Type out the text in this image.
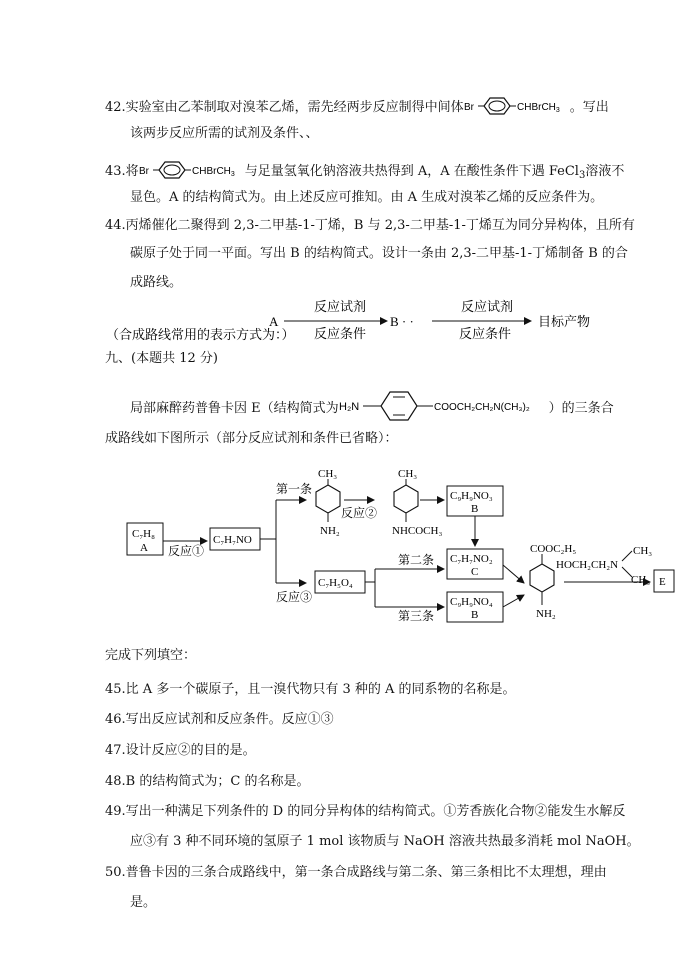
42.实验室由乙苯制取对溴苯乙烯，需先经两步反应制得中间体 Br	CHBrCH$_3$ 。写出
该两步反应所需的试剂及条件、、
43.将 Br	CHBrCH$_3$ 与足量氢氧化钠溶液共热得到 A，A 在酸性条件下遇 FeCl$_3$溶液不
显色。A 的结构简式为。由上述反应可推知。由 A 生成对溴苯乙烯的反应条件为。
44.丙烯催化二聚得到 2,3-二甲基-1-丁烯，B 与 2,3-二甲基-1-丁烯互为同分异构体，且所有
碳原子处于同一平面。写出 B 的结构简式。设计一条由 2,3-二甲基-1-丁烯制备 B 的合
成路线。
（合成路线常用的表示方式为：）
A
反应试剂
反应条件
B · ·
反应试剂
反应条件
目标产物
九、(本题共 12 分)
局部麻醉药普鲁卡因 E（结构简式为 H₂N	COOCH₂CH₂N(CH₃)₂ ）的三条合
成路线如下图所示（部分反应试剂和条件已省略）：
C₇H₈
A 反应①
C₇H₇NO
第一条
反应③
CH₃
NH₂
反应②
CH₃
NHCOCH₃
C₉H₉NO₃
B
C₇H₇NO₂
C
C₇H₅O₄
第二条
第三条
C₉H₉NO₄
B
COOC₂H₅
NH₂
HOCH₂CH₂N
CH₃
CH₃ E
完成下列填空：
45.比 A 多一个碳原子，且一溴代物只有 3 种的 A 的同系物的名称是。
46.写出反应试剂和反应条件。反应①③
47.设计反应②的目的是。
48.B 的结构简式为；C 的名称是。
49.写出一种满足下列条件的 D 的同分异构体的结构简式。①芳香族化合物②能发生水解反
应③有 3 种不同环境的氢原子 1 mol 该物质与 NaOH 溶液共热最多消耗 mol NaOH。
50.普鲁卡因的三条合成路线中，第一条合成路线与第二条、第三条相比不太理想，理由
是。
